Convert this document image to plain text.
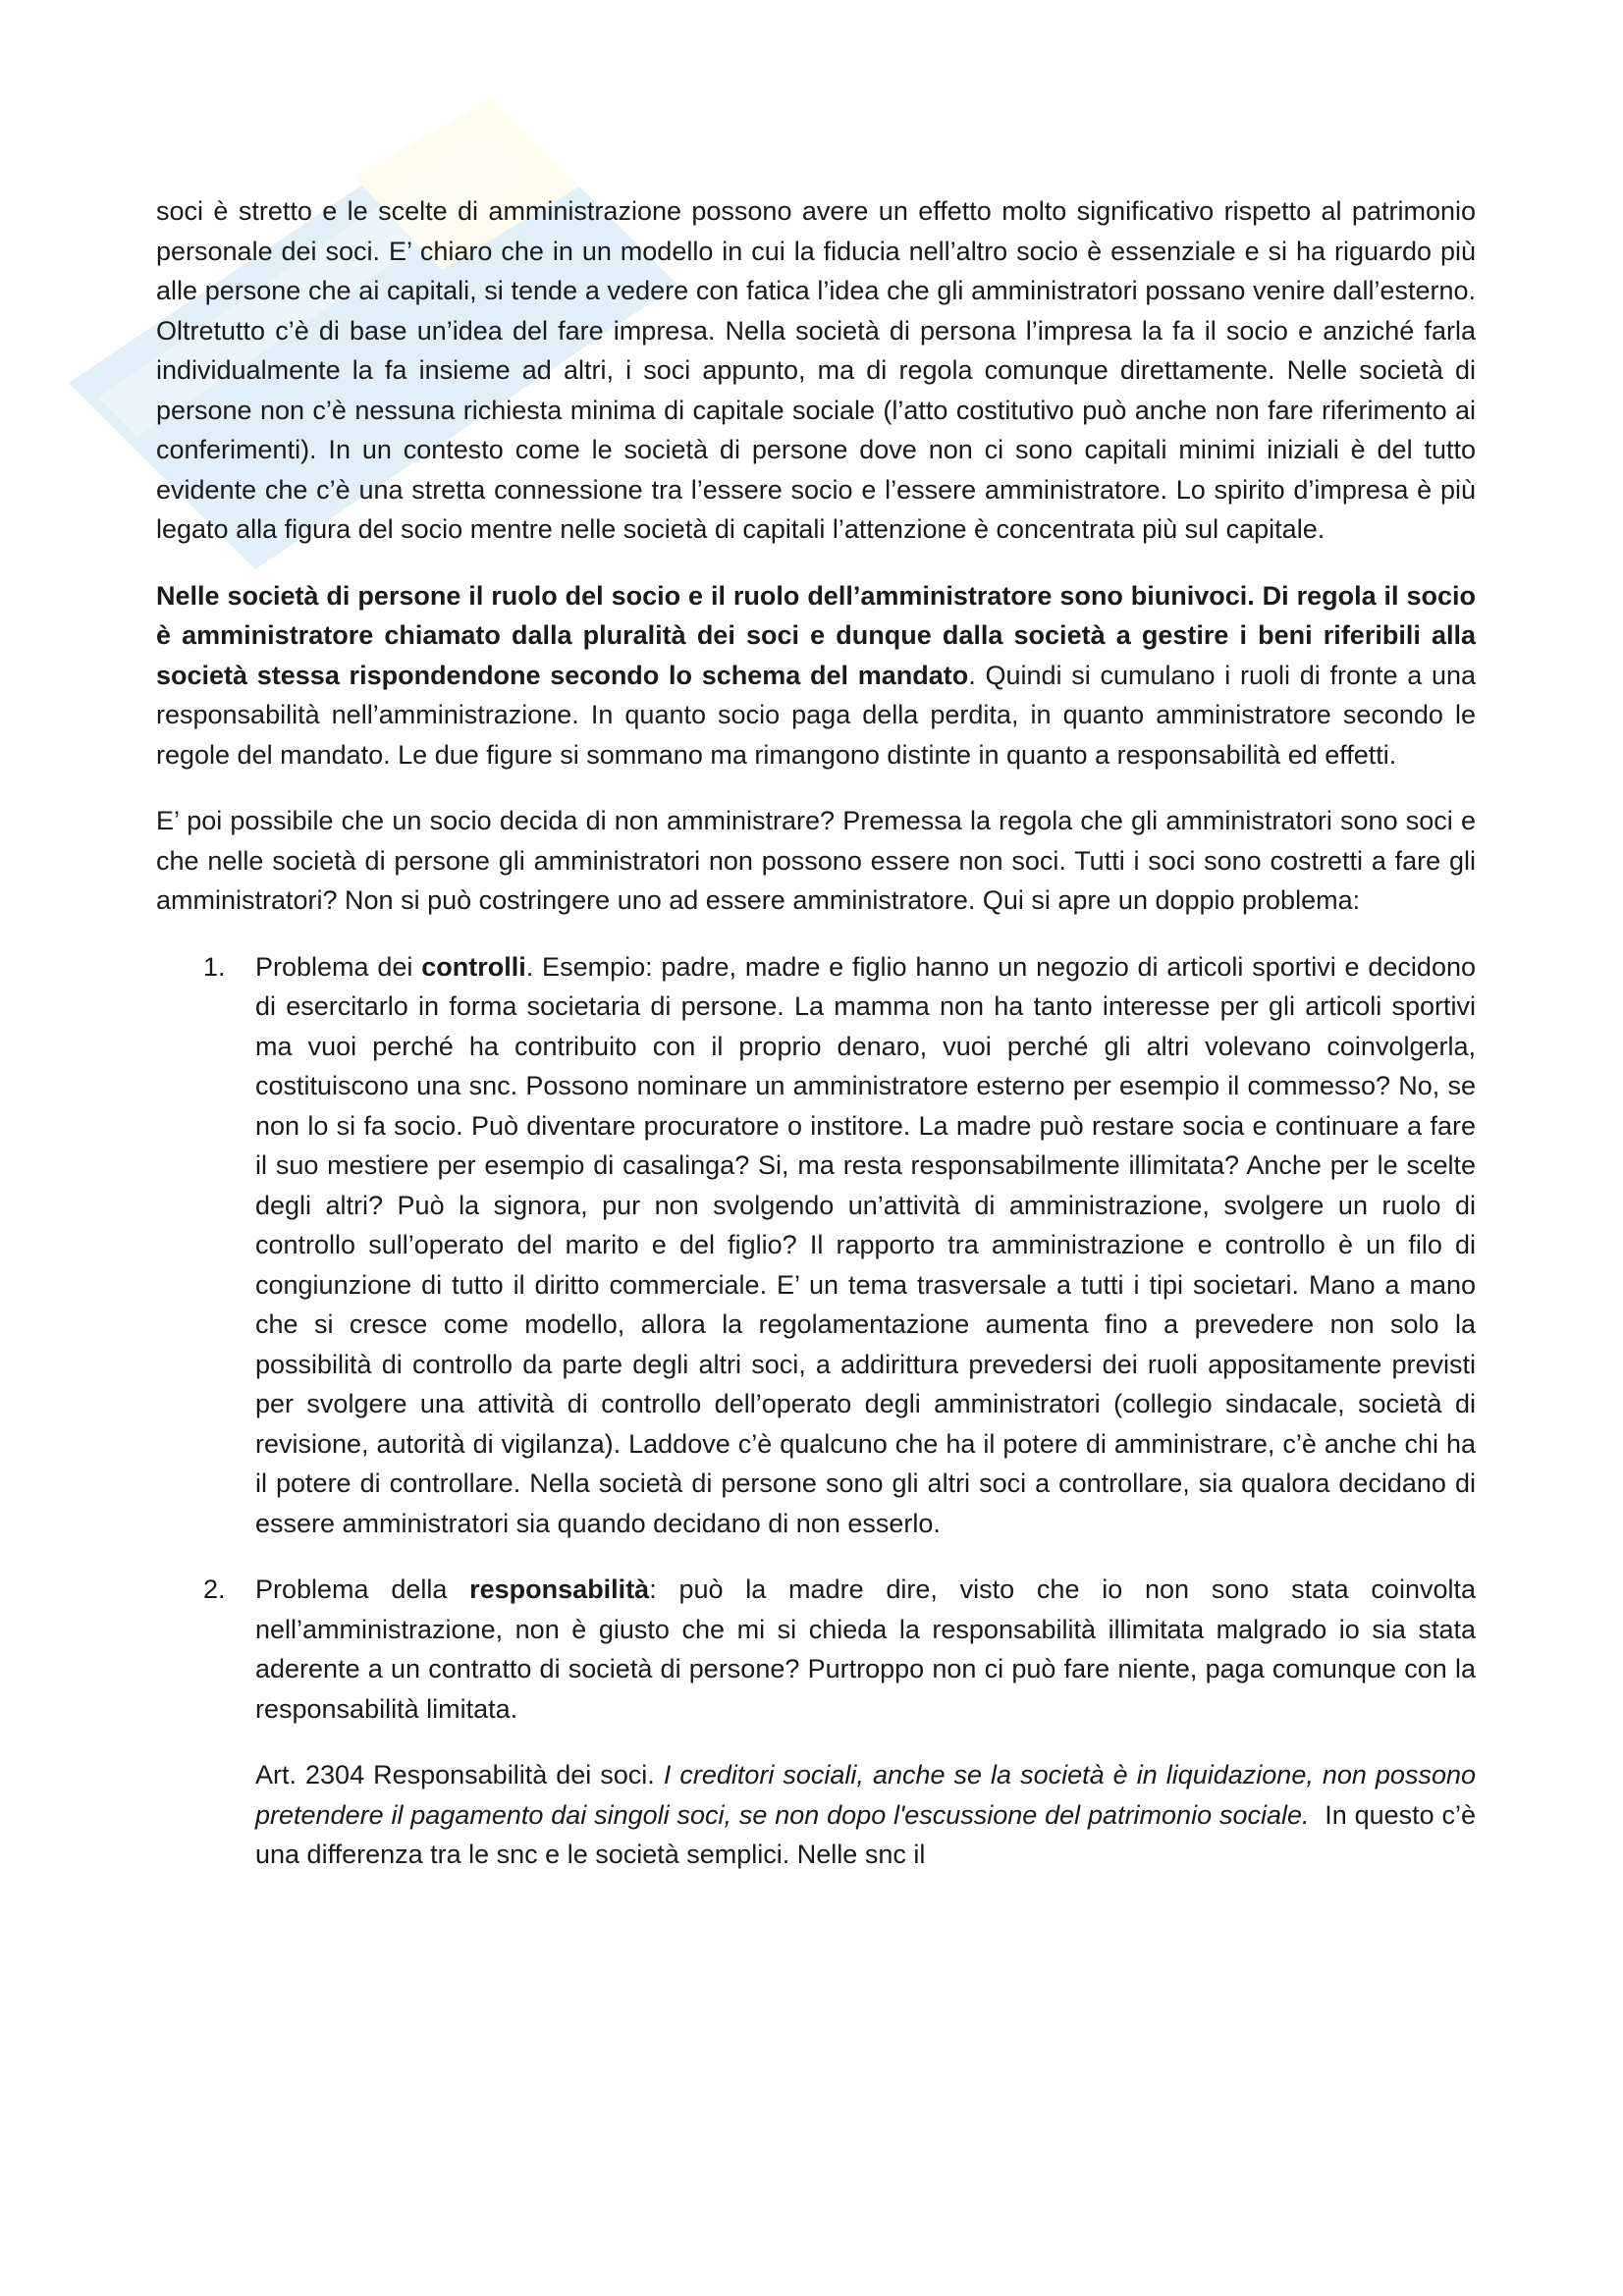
soci è stretto e le scelte di amministrazione possono avere un effetto molto significativo rispetto al patrimonio personale dei soci. E’ chiaro che in un modello in cui la fiducia nell’altro socio è essenziale e si ha riguardo più alle persone che ai capitali, si tende a vedere con fatica l’idea che gli amministratori possano venire dall’esterno. Oltretutto c’è di base un’idea del fare impresa. Nella società di persona l’impresa la fa il socio e anziché farla individualmente la fa insieme ad altri, i soci appunto, ma di regola comunque direttamente. Nelle società di persone non c’è nessuna richiesta minima di capitale sociale (l’atto costitutivo può anche non fare riferimento ai conferimenti). In un contesto come le società di persone dove non ci sono capitali minimi iniziali è del tutto evidente che c’è una stretta connessione tra l’essere socio e l’essere amministratore. Lo spirito d’impresa è più legato alla figura del socio mentre nelle società di capitali l’attenzione è concentrata più sul capitale.

Nelle società di persone il ruolo del socio e il ruolo dell’amministratore sono biunivoci. Di regola il socio è amministratore chiamato dalla pluralità dei soci e dunque dalla società a gestire i beni riferibili alla società stessa rispondendone secondo lo schema del mandato. Quindi si cumulano i ruoli di fronte a una responsabilità nell’amministrazione. In quanto socio paga della perdita, in quanto amministratore secondo le regole del mandato. Le due figure si sommano ma rimangono distinte in quanto a responsabilità ed effetti.

E’ poi possibile che un socio decida di non amministrare? Premessa la regola che gli amministratori sono soci e che nelle società di persone gli amministratori non possono essere non soci. Tutti i soci sono costretti a fare gli amministratori? Non si può costringere uno ad essere amministratore. Qui si apre un doppio problema:

1. Problema dei controlli. Esempio: padre, madre e figlio hanno un negozio di articoli sportivi e decidono di esercitarlo in forma societaria di persone. La mamma non ha tanto interesse per gli articoli sportivi ma vuoi perché ha contribuito con il proprio denaro, vuoi perché gli altri volevano coinvolgerla, costituiscono una snc. Possono nominare un amministratore esterno per esempio il commesso? No, se non lo si fa socio. Può diventare procuratore o institore. La madre può restare socia e continuare a fare il suo mestiere per esempio di casalinga? Si, ma resta responsabilmente illimitata? Anche per le scelte degli altri? Può la signora, pur non svolgendo un’attività di amministrazione, svolgere un ruolo di controllo sull’operato del marito e del figlio? Il rapporto tra amministrazione e controllo è un filo di congiunzione di tutto il diritto commerciale. E’ un tema trasversale a tutti i tipi societari. Mano a mano che si cresce come modello, allora la regolamentazione aumenta fino a prevedere non solo la possibilità di controllo da parte degli altri soci, a addirittura prevedersi dei ruoli appositamente previsti per svolgere una attività di controllo dell’operato degli amministratori (collegio sindacale, società di revisione, autorità di vigilanza). Laddove c’è qualcuno che ha il potere di amministrare, c’è anche chi ha il potere di controllare. Nella società di persone sono gli altri soci a controllare, sia qualora decidano di essere amministratori sia quando decidano di non esserlo.

2. Problema della responsabilità: può la madre dire, visto che io non sono stata coinvolta nell’amministrazione, non è giusto che mi si chieda la responsabilità illimitata malgrado io sia stata aderente a un contratto di società di persone? Purtroppo non ci può fare niente, paga comunque con la responsabilità limitata.

Art. 2304 Responsabilità dei soci. I creditori sociali, anche se la società è in liquidazione, non possono pretendere il pagamento dai singoli soci, se non dopo l'escussione del patrimonio sociale.  In questo c’è una differenza tra le snc e le società semplici. Nelle snc il
